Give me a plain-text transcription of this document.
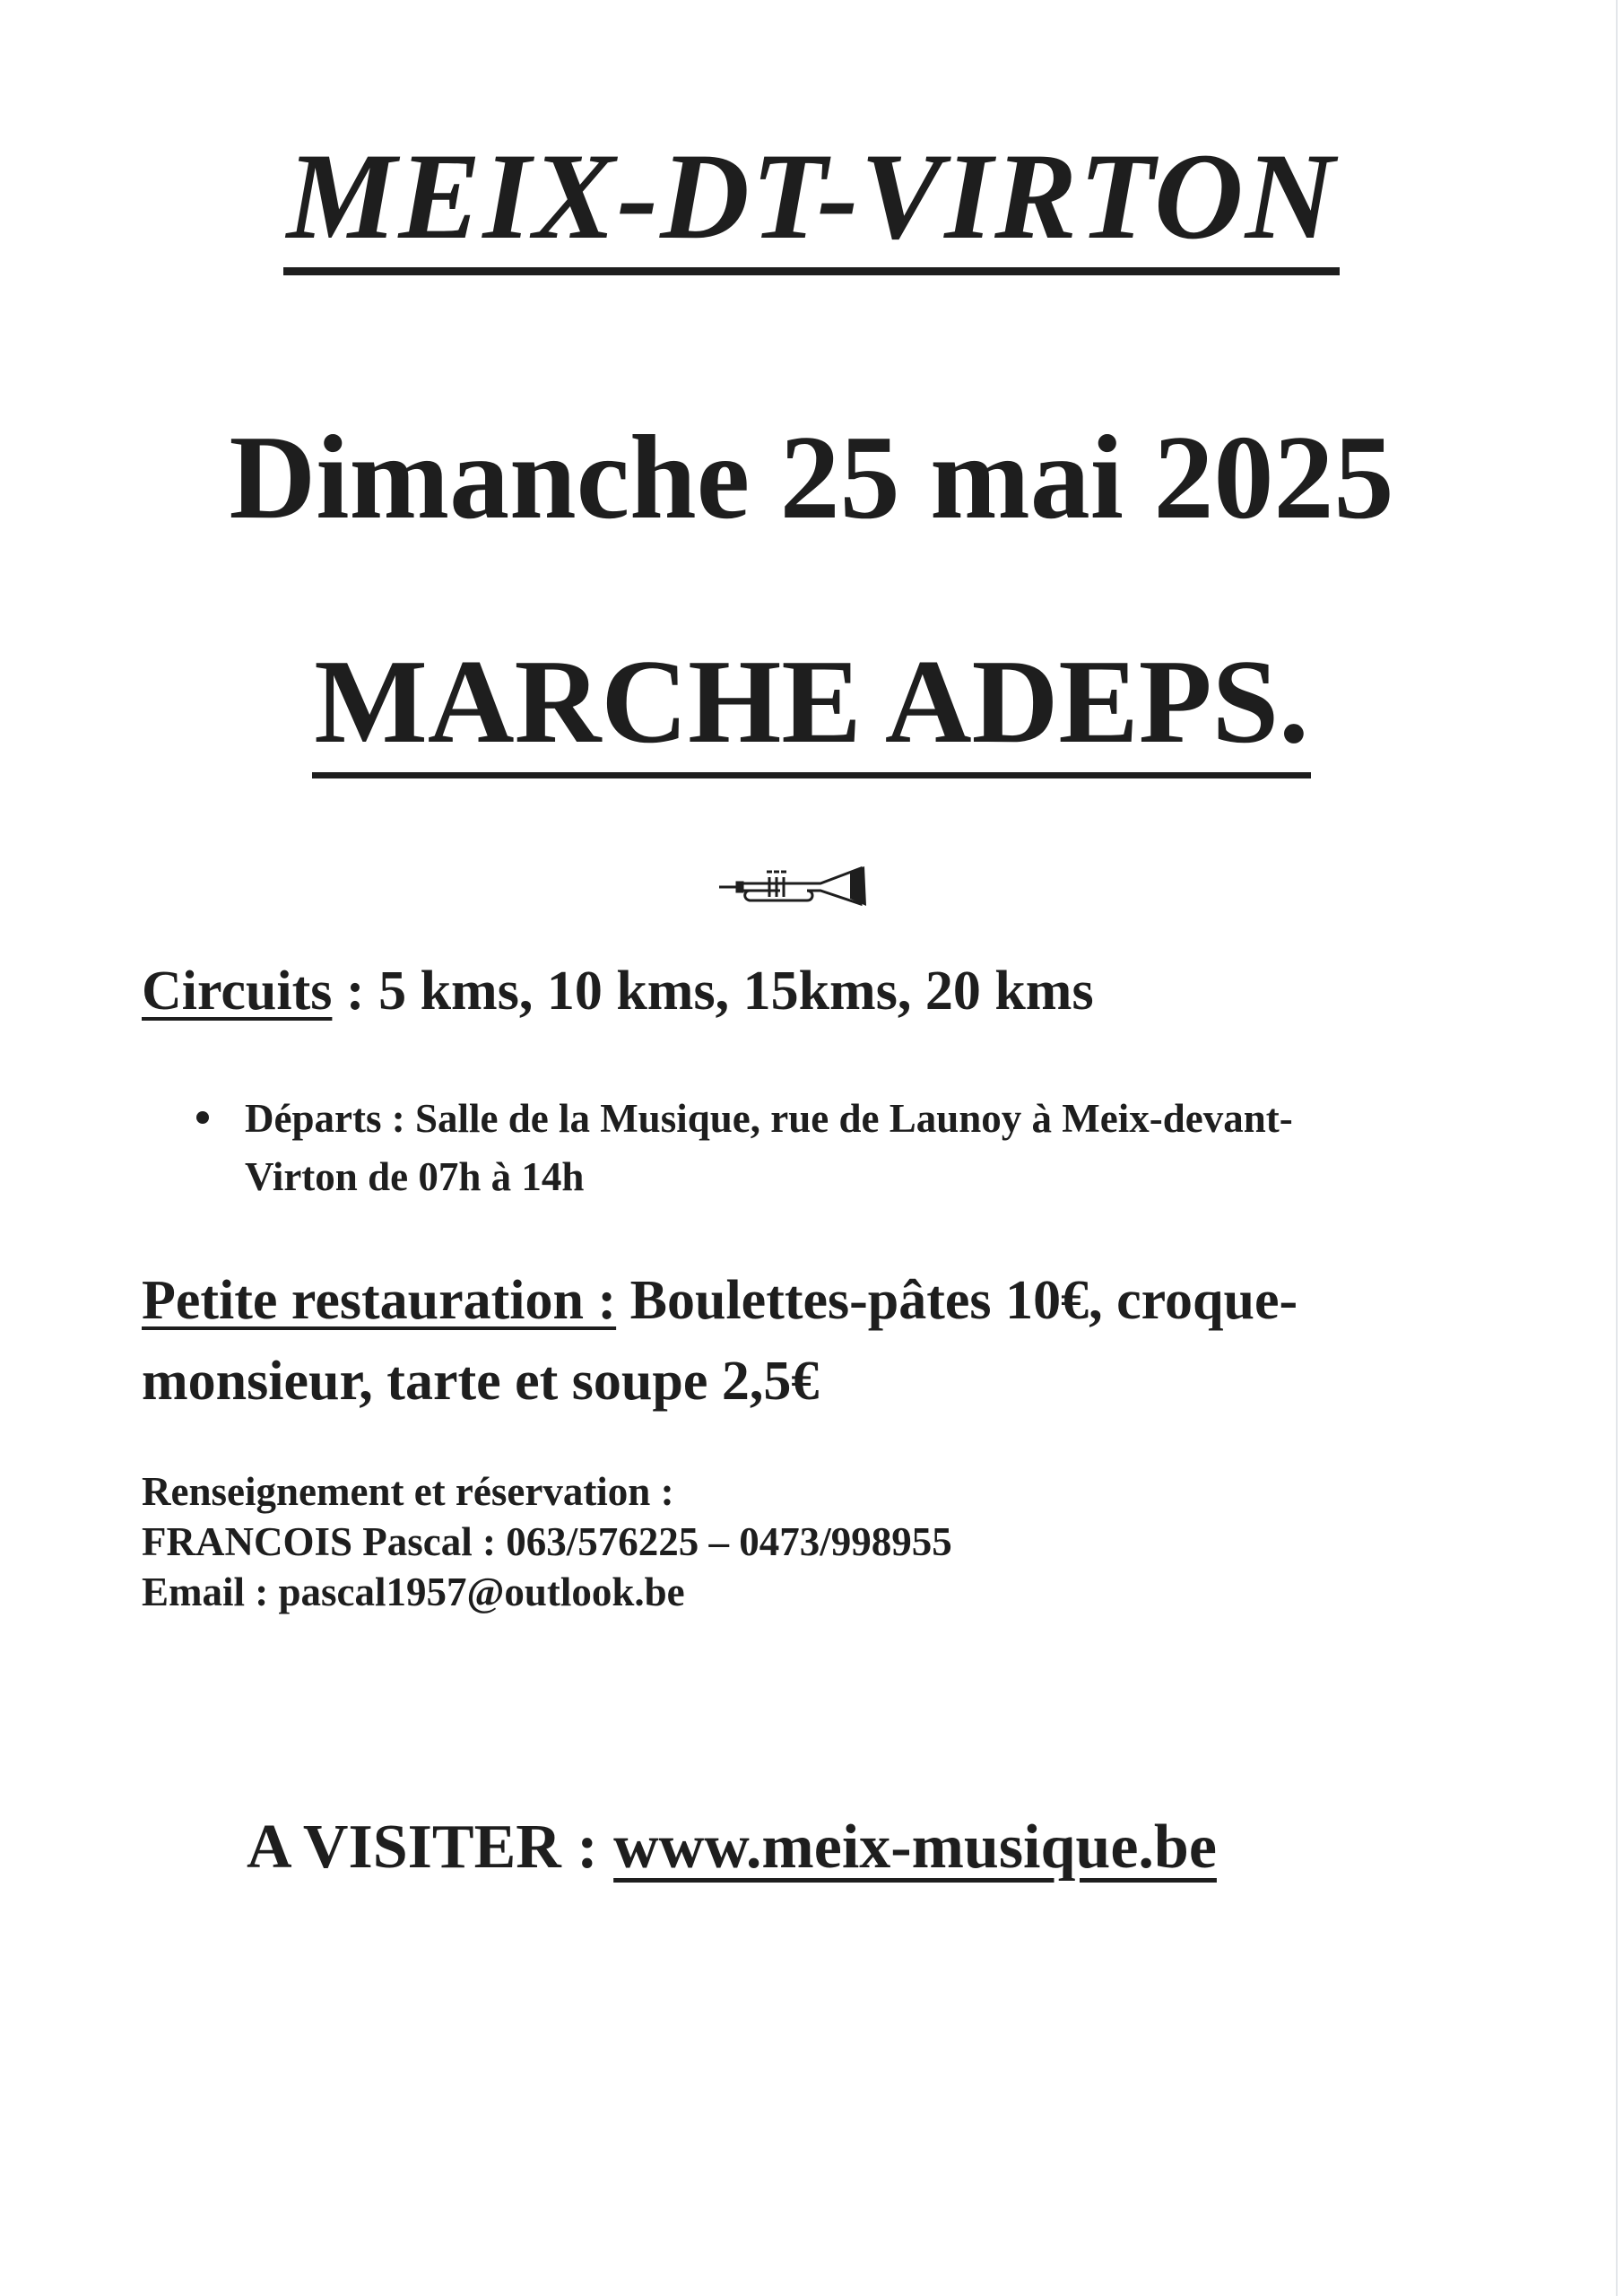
MEIX-DT-VIRTON
Dimanche 25 mai 2025
MARCHE ADEPS.
Circuits : 5 kms, 10 kms, 15kms, 20 kms
Départs : Salle de la Musique, rue de Launoy à Meix-devant-Virton de 07h à 14h
Petite restauration : Boulettes-pâtes 10€, croque-monsieur, tarte et soupe 2,5€
Renseignement et réservation :
FRANCOIS Pascal : 063/576225 – 0473/998955
Email : pascal1957@outlook.be
A VISITER : www.meix-musique.be
